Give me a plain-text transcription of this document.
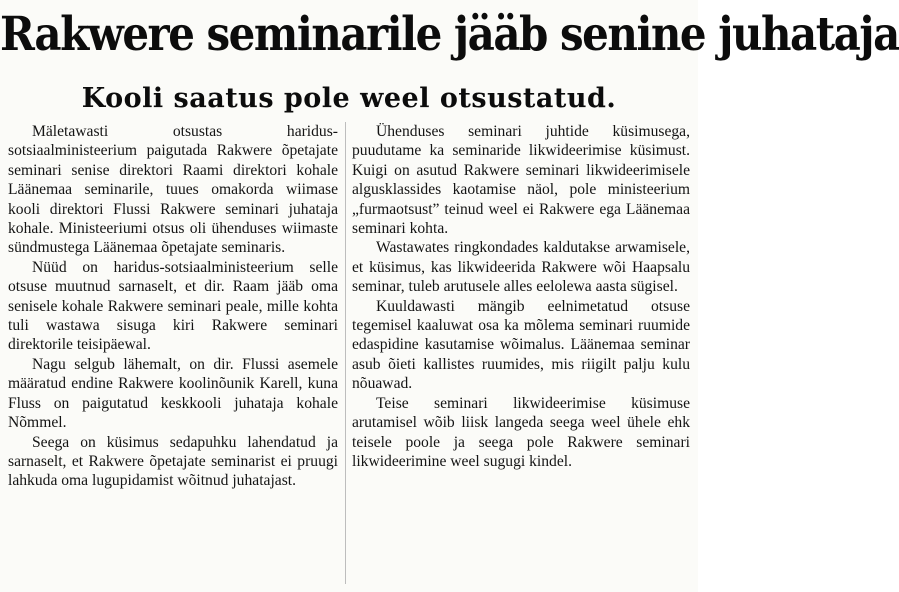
Rakwere seminarile jääb senine juhataja
Kooli saatus pole weel otsustatud.

Mäletawasti otsustas haridus-sotsiaalministeerium paigutada Rakwere õpetajate seminari senise direktori Raami direktori kohale Läänemaa seminarile, tuues omakorda wiimase kooli direktori Flussi Rakwere seminari juhataja kohale. Ministeeriumi otsus oli ühenduses wiimaste sündmustega Läänemaa õpetajate seminaris.

Nüüd on haridus-sotsiaalministeerium selle otsuse muutnud sarnaselt, et dir. Raam jääb oma senisele kohale Rakwere seminari peale, mille kohta tuli wastawa sisuga kiri Rakwere seminari direktorile teisipäewal.

Nagu selgub lähemalt, on dir. Flussi asemele määratud endine Rakwere koolinõunik Karell, kuna Fluss on paigutatud keskkooli juhataja kohale Nõmmel.

Seega on küsimus sedapuhku lahendatud ja sarnaselt, et Rakwere õpetajate seminarist ei pruugi lahkuda oma lugupidamist wõitnud juhatajast.

Ühenduses seminari juhtide küsimusega, puudutame ka seminaride likwideerimise küsimust. Kuigi on asutud Rakwere seminari likwideerimisele algusklassides kaotamise näol, pole ministeerium „furmaotsust” teinud weel ei Rakwere ega Läänemaa seminari kohta.

Wastawates ringkondades kaldutakse arwamisele, et küsimus, kas likwideerida Rakwere wõi Haapsalu seminar, tuleb arutusele alles eelolewa aasta sügisel.

Kuuldawasti mängib eelnimetatud otsuse tegemisel kaaluwat osa ka mõlema seminari ruumide edaspidine kasutamise wõimalus. Läänemaa seminar asub õieti kallistes ruumides, mis riigilt palju kulu nõuawad.

Teise seminari likwideerimise küsimuse arutamisel wõib liisk langeda seega weel ühele ehk teisele poole ja seega pole Rakwere seminari likwideerimine weel sugugi kindel.
